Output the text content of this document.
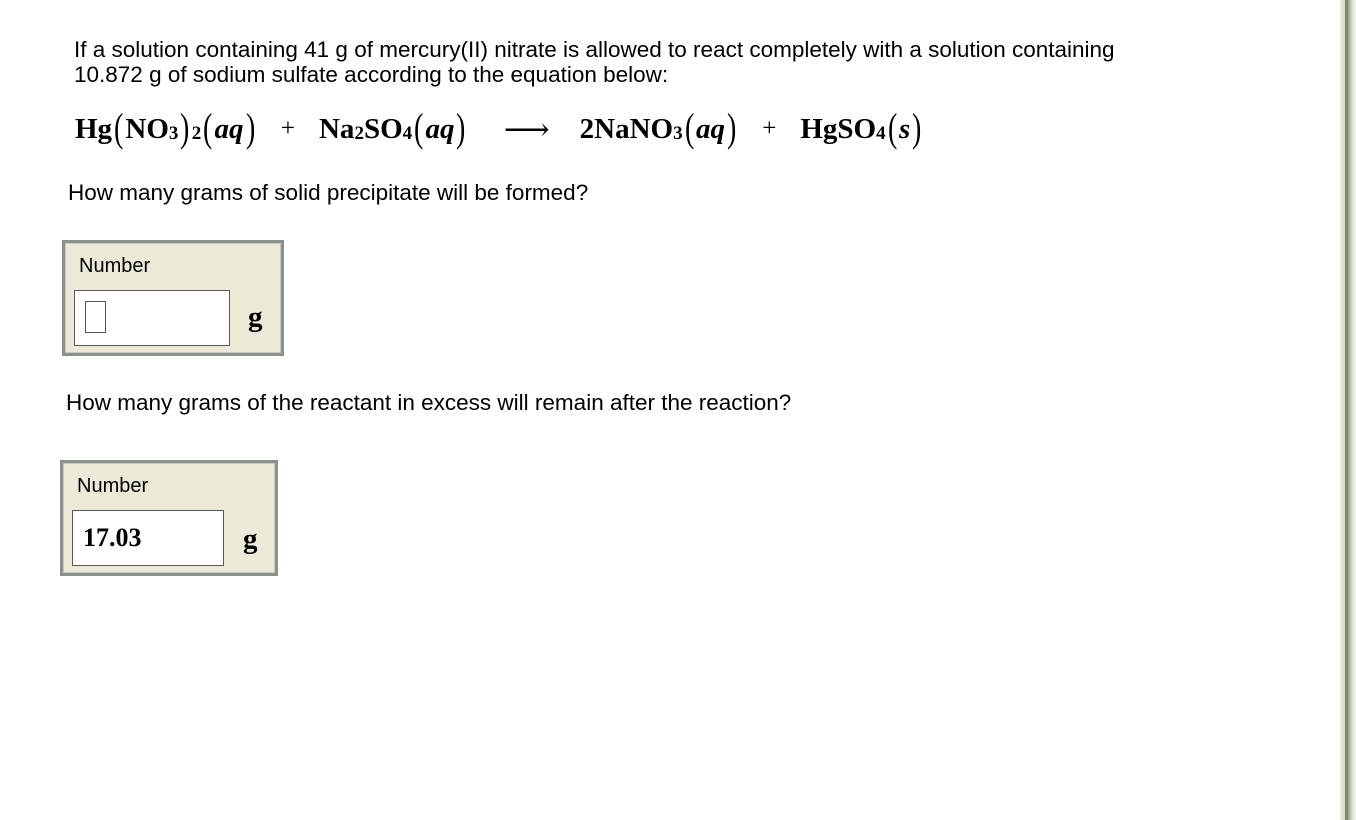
If a solution containing 41 g of mercury(II) nitrate is allowed to react completely with a solution containing
10.872 g of sodium sulfate according to the equation below:
Hg ( $NO_3$ )$_2$ ( aq ) + $Na_2$ $SO_4$ ( aq ) ⟶ 2NaNO$_3$ ( aq ) + HgSO$_4$ ( s )
How many grams of solid precipitate will be formed?
Number
g
How many grams of the reactant in excess will remain after the reaction?
Number
17.03	g
